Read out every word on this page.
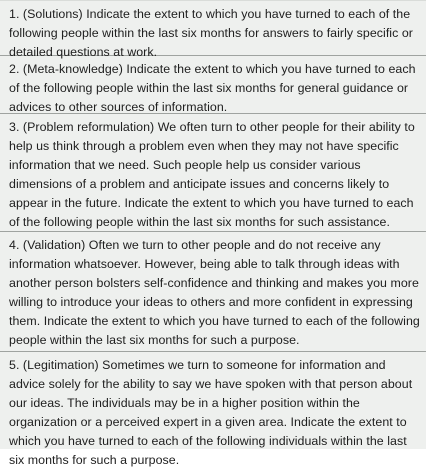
1. (Solutions) Indicate the extent to which you have turned to each of the following people within the last six months for answers to fairly specific or detailed questions at work.
2. (Meta-knowledge) Indicate the extent to which you have turned to each of the following people within the last six months for general guidance or advices to other sources of information.
3. (Problem reformulation) We often turn to other people for their ability to help us think through a problem even when they may not have specific information that we need. Such people help us consider various dimensions of a problem and anticipate issues and concerns likely to appear in the future. Indicate the extent to which you have turned to each of the following people within the last six months for such assistance.
4. (Validation) Often we turn to other people and do not receive any information whatsoever. However, being able to talk through ideas with another person bolsters self-confidence and thinking and makes you more willing to introduce your ideas to others and more confident in expressing them. Indicate the extent to which you have turned to each of the following people within the last six months for such a purpose.
5. (Legitimation) Sometimes we turn to someone for information and advice solely for the ability to say we have spoken with that person about our ideas. The individuals may be in a higher position within the organization or a perceived expert in a given area. Indicate the extent to which you have turned to each of the following individuals within the last six months for such a purpose.
